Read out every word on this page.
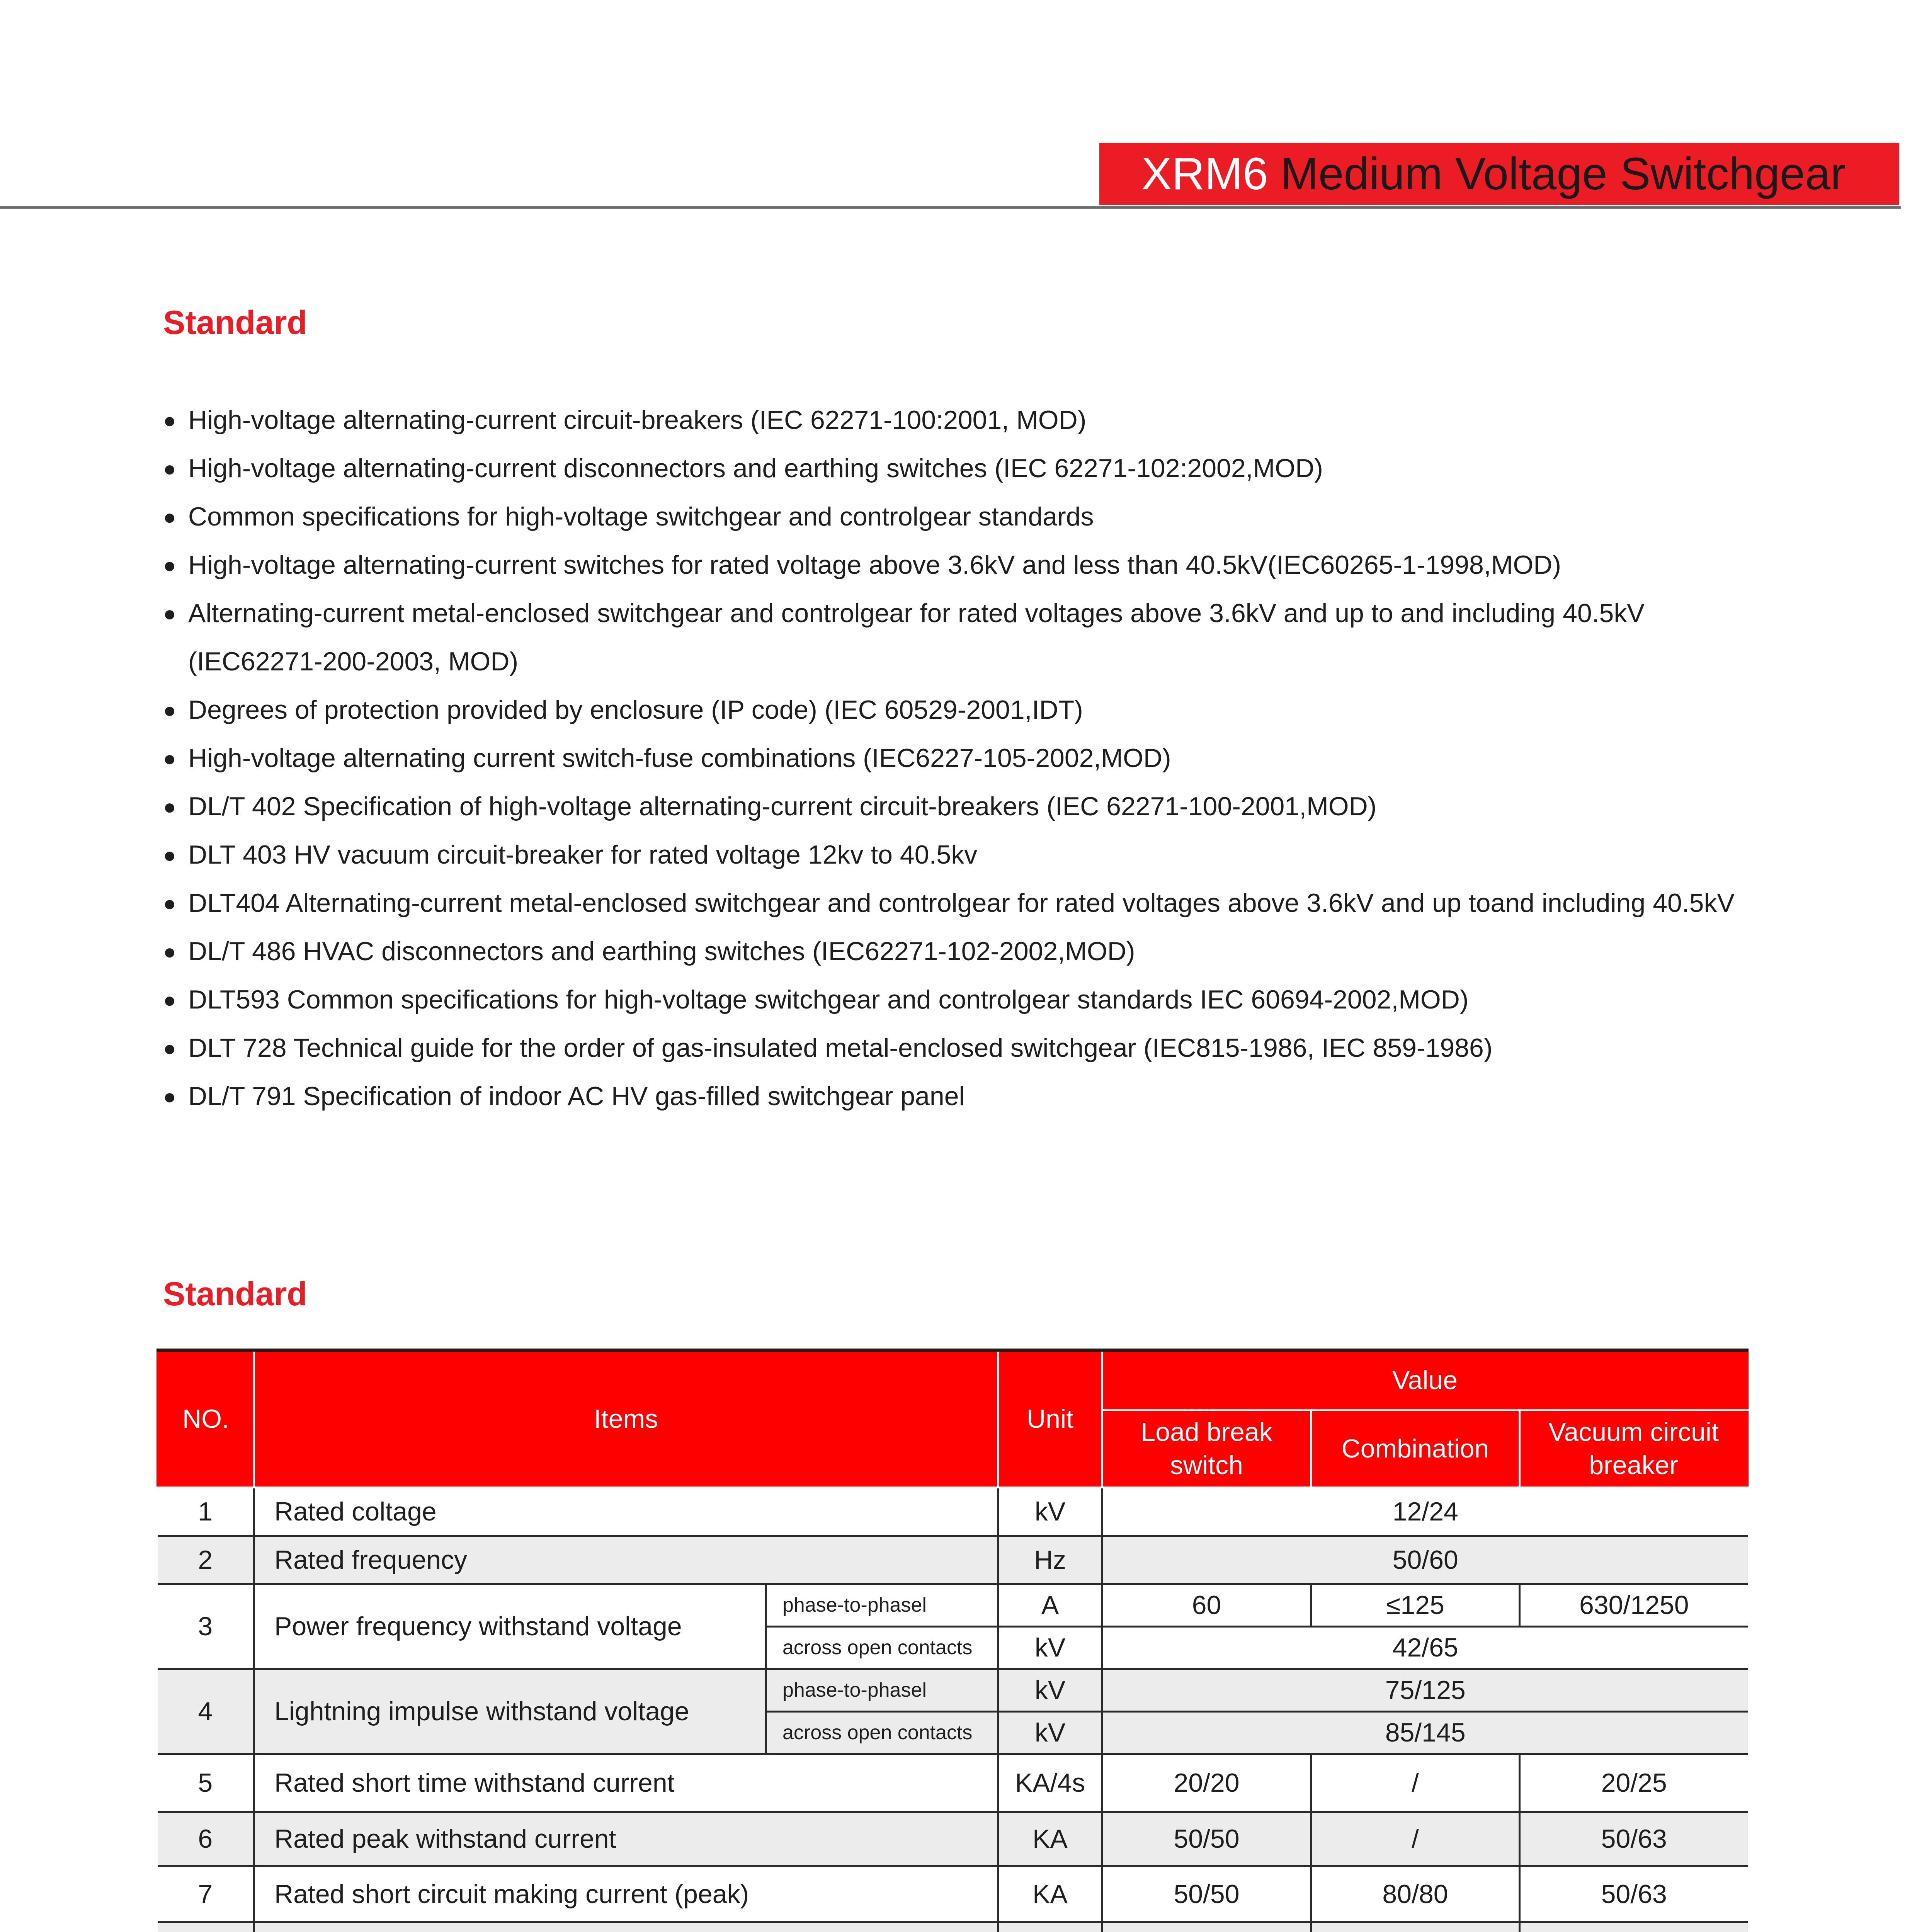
XRM6 Medium Voltage Switchgear
Standard
● High-voltage alternating-current circuit-breakers (IEC 62271-100:2001, MOD)
● High-voltage alternating-current disconnectors and earthing switches (IEC 62271-102:2002,MOD)
● Common specifications for high-voltage switchgear and controlgear standards
● High-voltage alternating-current switches for rated voltage above 3.6kV and less than 40.5kV(IEC60265-1-1998,MOD)
● Alternating-current metal-enclosed switchgear and controlgear for rated voltages above 3.6kV and up to and including 40.5kV (IEC62271-200-2003, MOD)
● Degrees of protection provided by enclosure (IP code) (IEC 60529-2001,IDT)
● High-voltage alternating current switch-fuse combinations (IEC6227-105-2002,MOD)
● DL/T 402 Specification of high-voltage alternating-current circuit-breakers (IEC 62271-100-2001,MOD)
● DLT 403 HV vacuum circuit-breaker for rated voltage 12kv to 40.5kv
● DLT404 Alternating-current metal-enclosed switchgear and controlgear for rated voltages above 3.6kV and up toand including 40.5kV
● DL/T 486 HVAC disconnectors and earthing switches (IEC62271-102-2002,MOD)
● DLT593 Common specifications for high-voltage switchgear and controlgear standards IEC 60694-2002,MOD)
● DLT 728 Technical guide for the order of gas-insulated metal-enclosed switchgear (IEC815-1986, IEC 859-1986)
● DL/T 791 Specification of indoor AC HV gas-filled switchgear panel
Standard
NO.	Items		Unit	Value		
				Load break switch	Combination	Vacuum circuit breaker
1	Rated coltage		kV	12/24		
2	Rated frequency		Hz	50/60		
3	Power frequency withstand voltage	phase-to-phasel	A	60	≤125	630/1250
		across open contacts	kV	42/65		
4	Lightning impulse withstand voltage	phase-to-phasel	kV	75/125		
		across open contacts	kV	85/145		
5	Rated short time withstand current		KA/4s	20/20	/	20/25
6	Rated peak withstand current		KA	50/50	/	50/63
7	Rated short circuit making current (peak)		KA	50/50	80/80	50/63
